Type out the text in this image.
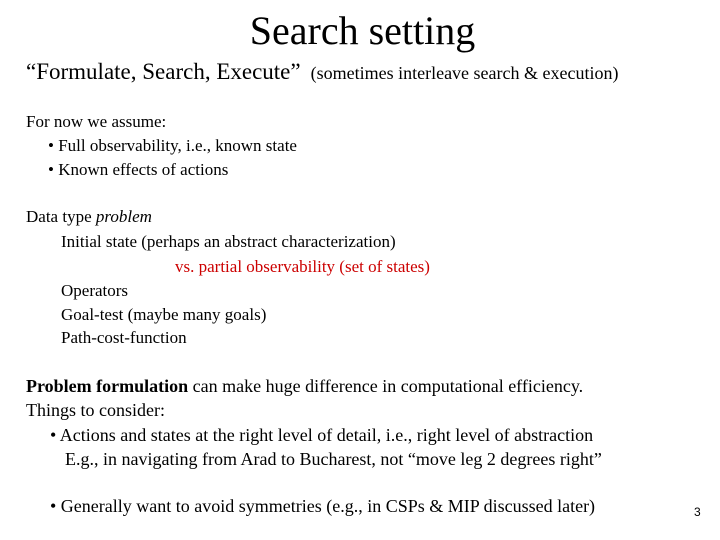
Search setting
“Formulate, Search, Execute” (sometimes interleave search & execution)
For now we assume:
• Full observability, i.e., known state
• Known effects of actions
Data type problem
Initial state (perhaps an abstract characterization)
vs. partial observability (set of states)
Operators
Goal-test (maybe many goals)
Path-cost-function
Problem formulation can make huge difference in computational efficiency.
Things to consider:
• Actions and states at the right level of detail, i.e., right level of abstraction
E.g., in navigating from Arad to Bucharest, not “move leg 2 degrees right”
• Generally want to avoid symmetries (e.g., in CSPs & MIP discussed later)	3
